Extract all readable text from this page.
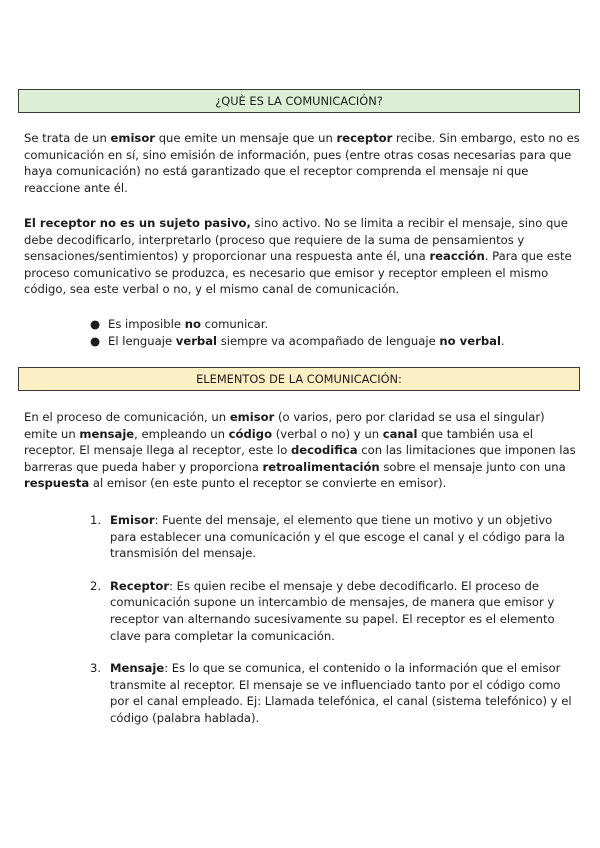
¿QUÈ ES LA COMUNICACIÓN?

Se trata de un emisor que emite un mensaje que un receptor recibe. Sin embargo, esto no es comunicación en sí, sino emisión de información, pues (entre otras cosas necesarias para que haya comunicación) no está garantizado que el receptor comprenda el mensaje ni que reaccione ante él.

El receptor no es un sujeto pasivo, sino activo. No se limita a recibir el mensaje, sino que debe decodificarlo, interpretarlo (proceso que requiere de la suma de pensamientos y sensaciones/sentimientos) y proporcionar una respuesta ante él, una reacción. Para que este proceso comunicativo se produzca, es necesario que emisor y receptor empleen el mismo código, sea este verbal o no, y el mismo canal de comunicación.

● Es imposible no comunicar.
● El lenguaje verbal siempre va acompañado de lenguaje no verbal.
ELEMENTOS DE LA COMUNICACIÓN:

En el proceso de comunicación, un emisor (o varios, pero por claridad se usa el singular) emite un mensaje, empleando un código (verbal o no) y un canal que también usa el receptor. El mensaje llega al receptor, este lo decodifica con las limitaciones que imponen las barreras que pueda haber y proporciona retroalimentación sobre el mensaje junto con una respuesta al emisor (en este punto el receptor se convierte en emisor).

1. Emisor: Fuente del mensaje, el elemento que tiene un motivo y un objetivo para establecer una comunicación y el que escoge el canal y el código para la transmisión del mensaje.
2. Receptor: Es quien recibe el mensaje y debe decodificarlo. El proceso de comunicación supone un intercambio de mensajes, de manera que emisor y receptor van alternando sucesivamente su papel. El receptor es el elemento clave para completar la comunicación.
3. Mensaje: Es lo que se comunica, el contenido o la información que el emisor transmite al receptor. El mensaje se ve influenciado tanto por el código como por el canal empleado. Ej: Llamada telefónica, el canal (sistema telefónico) y el código (palabra hablada).
